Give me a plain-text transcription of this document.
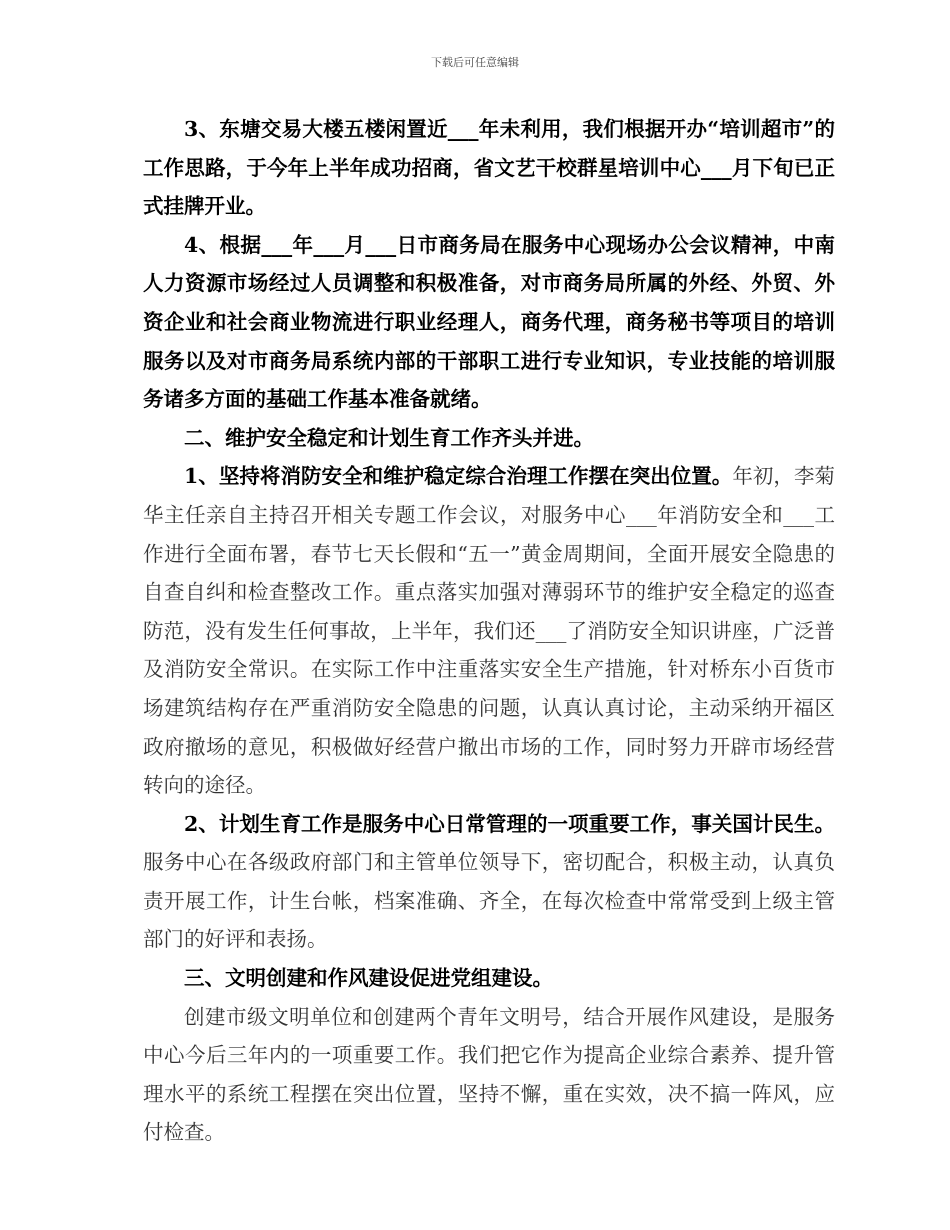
下载后可任意编辑

3、东塘交易大楼五楼闲置近___年未利用，我们根据开办“培训超市”的工作思路，于今年上半年成功招商，省文艺干校群星培训中心___月下旬已正式挂牌开业。

4、根据___年___月___日市商务局在服务中心现场办公会议精神，中南人力资源市场经过人员调整和积极准备，对市商务局所属的外经、外贸、外资企业和社会商业物流进行职业经理人，商务代理，商务秘书等项目的培训服务以及对市商务局系统内部的干部职工进行专业知识，专业技能的培训服务诸多方面的基础工作基本准备就绪。

二、维护安全稳定和计划生育工作齐头并进。

1、坚持将消防安全和维护稳定综合治理工作摆在突出位置。年初，李菊华主任亲自主持召开相关专题工作会议，对服务中心___年消防安全和___工作进行全面布署，春节七天长假和“五一”黄金周期间，全面开展安全隐患的自查自纠和检查整改工作。重点落实加强对薄弱环节的维护安全稳定的巡查防范，没有发生任何事故，上半年，我们还___了消防安全知识讲座，广泛普及消防安全常识。在实际工作中注重落实安全生产措施，针对桥东小百货市场建筑结构存在严重消防安全隐患的问题，认真认真讨论，主动采纳开福区政府撤场的意见，积极做好经营户撤出市场的工作，同时努力开辟市场经营转向的途径。

2、计划生育工作是服务中心日常管理的一项重要工作，事关国计民生。服务中心在各级政府部门和主管单位领导下，密切配合，积极主动，认真负责开展工作，计生台帐，档案准确、齐全，在每次检查中常常受到上级主管部门的好评和表扬。

三、文明创建和作风建设促进党组建设。

创建市级文明单位和创建两个青年文明号，结合开展作风建设，是服务中心今后三年内的一项重要工作。我们把它作为提高企业综合素养、提升管理水平的系统工程摆在突出位置，坚持不懈，重在实效，决不搞一阵风，应付检查。
